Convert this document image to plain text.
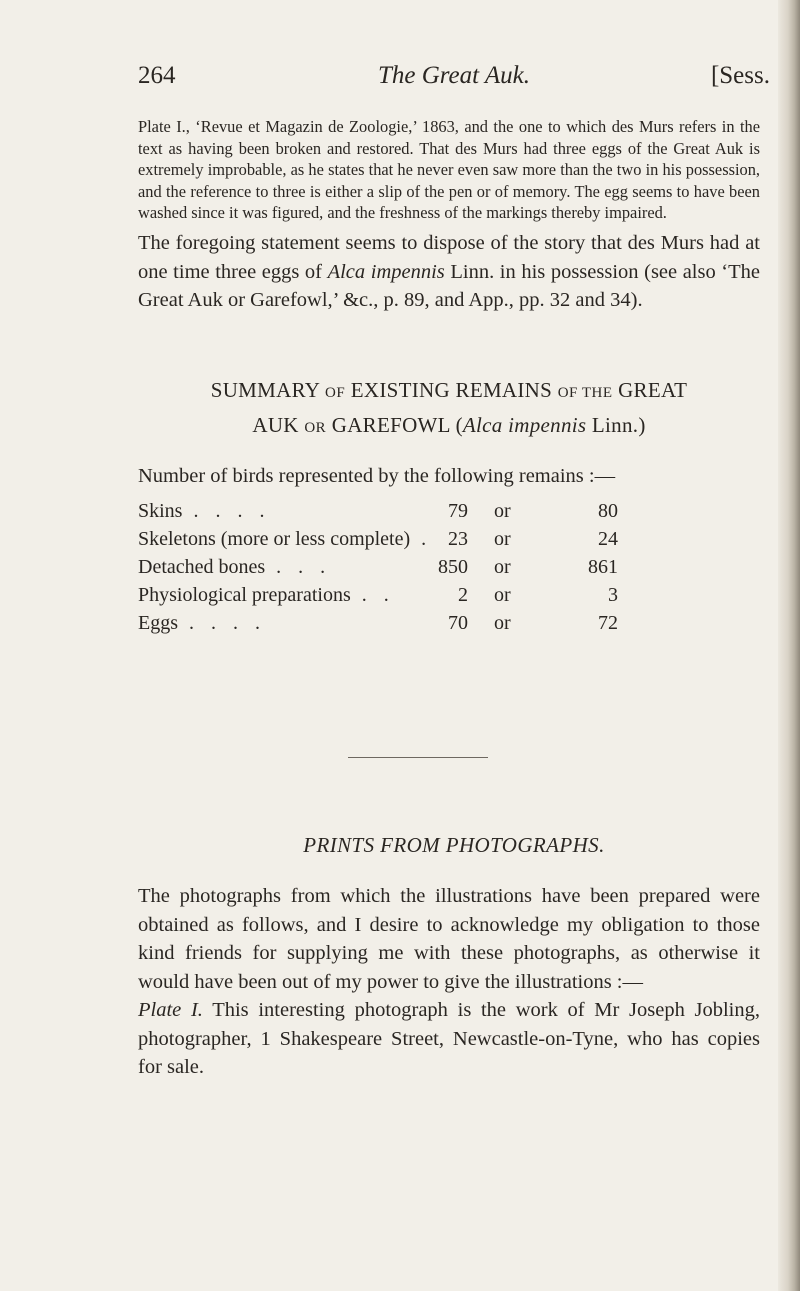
264	The Great Auk.	[Sess.

Plate I., ‘Revue et Magazin de Zoologie,’ 1863, and the one to which des Murs refers in the text as having been broken and restored. That des Murs had three eggs of the Great Auk is extremely improbable, as he states that he never even saw more than the two in his possession, and the reference to three is either a slip of the pen or of memory. The egg seems to have been washed since it was figured, and the freshness of the markings thereby impaired.

The foregoing statement seems to dispose of the story that des Murs had at one time three eggs of Alca impennis Linn. in his possession (see also ‘The Great Auk or Garefowl,’ &c., p. 89, and App., pp. 32 and 34).

SUMMARY OF EXISTING REMAINS OF THE GREAT
AUK OR GAREFOWL (Alca impennis Linn.)
Number of birds represented by the following remains :—
Skins . . . .	79 or	80
Skeletons (more or less complete) . 23 or	24
Detached bones . . .	850 or	861
Physiological preparations . .	2 or	3
Eggs . . . .	70 or	72
PRINTS FROM PHOTOGRAPHS.

The photographs from which the illustrations have been prepared were obtained as follows, and I desire to acknowledge my obligation to those kind friends for supplying me with these photographs, as otherwise it would have been out of my power to give the illustrations :—

Plate I. This interesting photograph is the work of Mr Joseph Jobling, photographer, 1 Shakespeare Street, Newcastle-on-Tyne, who has copies for sale.
